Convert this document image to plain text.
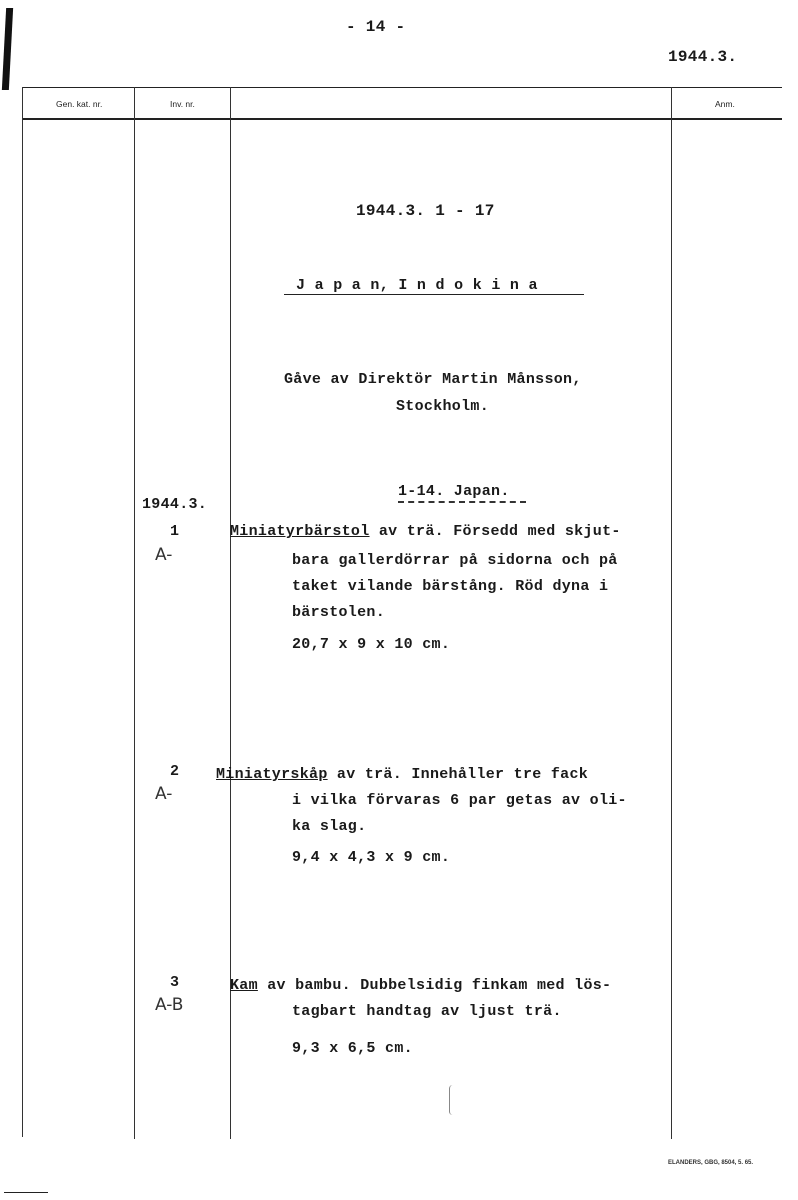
- 14 -
1944.3.
Gen. kat. nr.	Inv. nr.	Anm.
1944.3. 1 - 17
J a p a n, I n d o k i n a
Gåve av Direktör Martin Månsson,
Stockholm.
1-14. Japan.
1944.3.
1
A-
Miniatyrbärstol av trä. Försedd med skjut-
bara gallerdörrar på sidorna och på
taket vilande bärstång. Röd dyna i
bärstolen.
20,7 x 9 x 10 cm.
2
A-
Miniatyrskåp av trä. Innehåller tre fack
i vilka förvaras 6 par getas av oli-
ka slag.
9,4 x 4,3 x 9 cm.
3
A-B
Kam av bambu. Dubbelsidig finkam med lös-
tagbart handtag av ljust trä.
9,3 x 6,5 cm.
ELANDERS, GBG, 8504, 5. 65.
